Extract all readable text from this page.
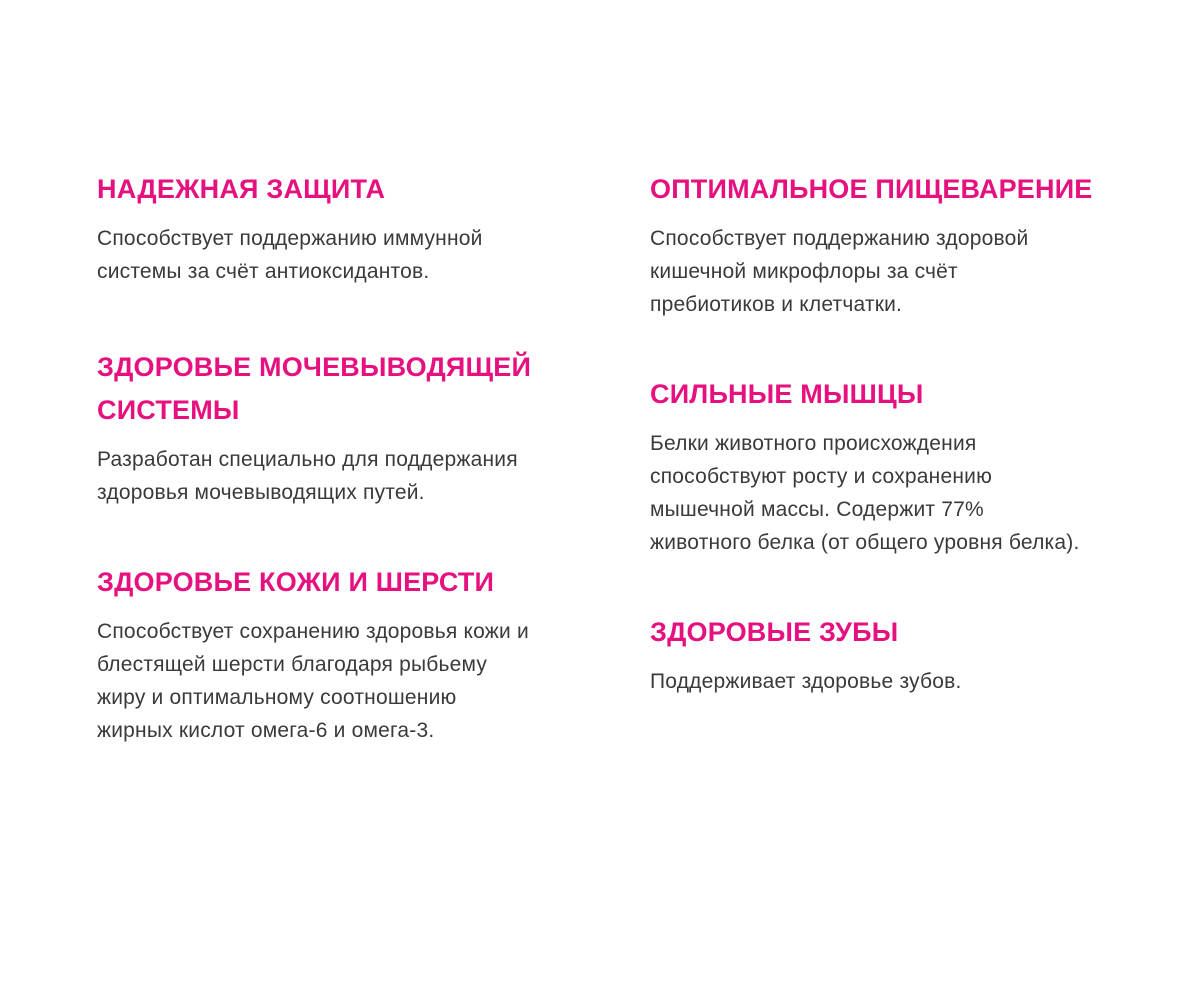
НАДЕЖНАЯ ЗАЩИТА

Способствует поддержанию иммунной
системы за счёт антиоксидантов.

ЗДОРОВЬЕ МОЧЕВЫВОДЯЩЕЙ
СИСТЕМЫ

Разработан специально для поддержания
здоровья мочевыводящих путей.

ЗДОРОВЬЕ КОЖИ И ШЕРСТИ

Способствует сохранению здоровья кожи и
блестящей шерсти благодаря рыбьему
жиру и оптимальному соотношению
жирных кислот омега-6 и омега-3.

ОПТИМАЛЬНОЕ ПИЩЕВАРЕНИЕ

Способствует поддержанию здоровой
кишечной микрофлоры за счёт
пребиотиков и клетчатки.

СИЛЬНЫЕ МЫШЦЫ

Белки животного происхождения
способствуют росту и сохранению
мышечной массы. Содержит 77%
животного белка (от общего уровня белка).

ЗДОРОВЫЕ ЗУБЫ

Поддерживает здоровье зубов.
